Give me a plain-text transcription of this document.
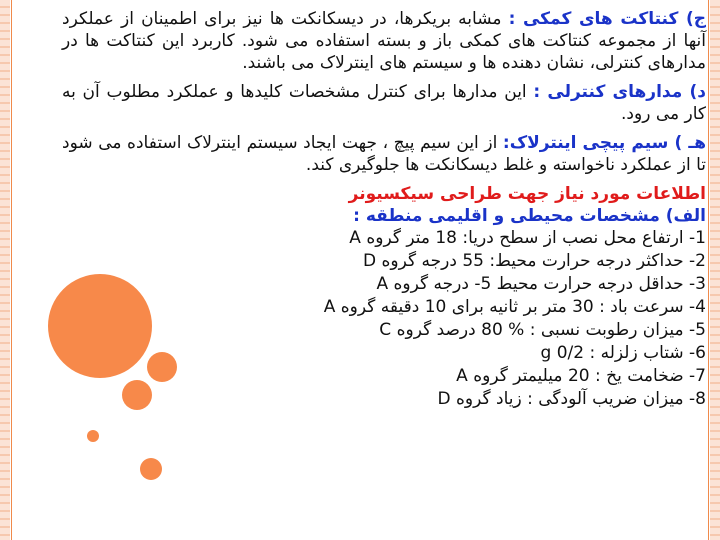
ج) کنتاکت های کمکی : مشابه بریکرها، در دیسکانکت ها نیز برای اطمینان از عملکرد آنها از مجموعه کنتاکت های کمکی باز و بسته استفاده می شود. کاربرد این کنتاکت ها در مدارهای کنترلی، نشان دهنده ها و سیستم های اینترلاک می باشند.

د) مدارهای کنترلی : این مدارها برای کنترل مشخصات کلیدها و عملکرد مطلوب آن به کار می رود.

هـ ) سیم پیچی اینترلاک: از این سیم پیچ ، جهت ایجاد سیستم اینترلاک استفاده می شود تا از عملکرد ناخواسته و غلط دیسکانکت ها جلوگیری کند.

اطلاعات مورد نیاز جهت طراحی سیکسیونر
الف) مشخصات محیطی و اقلیمی منطقه :
1- ارتفاع محل نصب از سطح دریا: 18 متر گروه A
2- حداکثر درجه حرارت محیط: 55 درجه گروه D
3- حداقل درجه حرارت محیط 5- درجه گروه A
4- سرعت باد : 30 متر بر ثانیه برای 10 دقیقه گروه A
5- میزان رطوبت نسبی : % 80 درصد گروه C
6- شتاب زلزله : 0/2 g
7- ضخامت یخ : 20 میلیمتر گروه A
8- میزان ضریب آلودگی : زیاد گروه D
